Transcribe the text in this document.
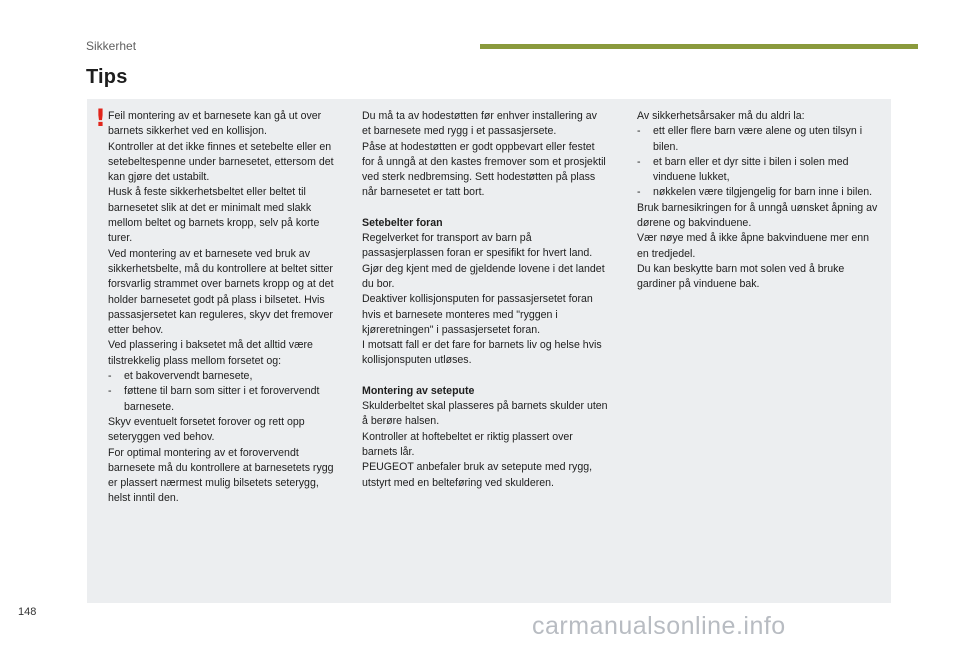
Sikkerhet
Tips
! Feil montering av et barnesete kan gå ut over barnets sikkerhet ved en kollisjon.

Kontroller at det ikke finnes et setebelte eller en setebeltespenne under barnesetet, ettersom det kan gjøre det ustabilt.

Husk å feste sikkerhetsbeltet eller beltet til barnesetet slik at det er minimalt med slakk mellom beltet og barnets kropp, selv på korte turer.

Ved montering av et barnesete ved bruk av sikkerhetsbelte, må du kontrollere at beltet sitter forsvarlig strammet over barnets kropp og at det holder barnesetet godt på plass i bilsetet. Hvis passasjersetet kan reguleres, skyv det fremover etter behov.

Ved plassering i baksetet må det alltid være tilstrekkelig plass mellom forsetet og:

-	et bakovervendt barnesete,
-	føttene til barn som sitter i et forovervendt barnesete.

Skyv eventuelt forsetet forover og rett opp seteryggen ved behov.

For optimal montering av et forovervendt barnesete må du kontrollere at barnesetets rygg er plassert nærmest mulig bilsetets seterygg, helst inntil den.

Du må ta av hodestøtten før enhver installering av et barnesete med rygg i et passasjersete.

Påse at hodestøtten er godt oppbevart eller festet for å unngå at den kastes fremover som et prosjektil ved sterk nedbremsing. Sett hodestøtten på plass når barnesetet er tatt bort.

Setebelter foran

Regelverket for transport av barn på passasjerplassen foran er spesifikt for hvert land. Gjør deg kjent med de gjeldende lovene i det landet du bor.

Deaktiver kollisjonsputen for passasjersetet foran hvis et barnesete monteres med "ryggen i kjøreretningen" i passasjersetet foran.

I motsatt fall er det fare for barnets liv og helse hvis kollisjonsputen utløses.

Montering av setepute

Skulderbeltet skal plasseres på barnets skulder uten å berøre halsen.

Kontroller at hoftebeltet er riktig plassert over barnets lår.

PEUGEOT anbefaler bruk av setepute med rygg, utstyrt med en belteføring ved skulderen.

Av sikkerhetsårsaker må du aldri la:

-	ett eller flere barn være alene og uten tilsyn i bilen.
-	et barn eller et dyr sitte i bilen i solen med vinduene lukket,
-	nøkkelen være tilgjengelig for barn inne i bilen.

Bruk barnesikringen for å unngå uønsket åpning av dørene og bakvinduene.

Vær nøye med å ikke åpne bakvinduene mer enn en tredjedel.

Du kan beskytte barn mot solen ved å bruke gardiner på vinduene bak.

148	carmanualsonline.info
